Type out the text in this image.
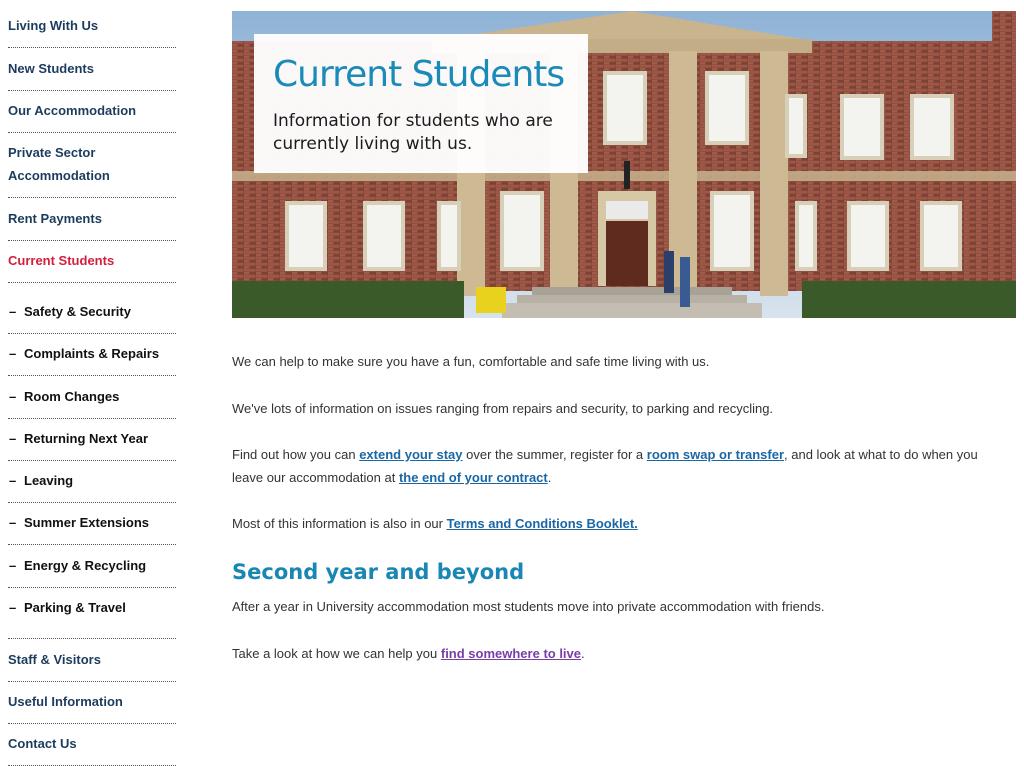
Living With Us
New Students
Our Accommodation
Private Sector Accommodation
Rent Payments
Current Students
– Safety & Security
– Complaints & Repairs
– Room Changes
– Returning Next Year
– Leaving
– Summer Extensions
– Energy & Recycling
– Parking & Travel
Staff & Visitors
Useful Information
Contact Us
Current Students

Information for students who are currently living with us.

We can help to make sure you have a fun, comfortable and safe time living with us.

We've lots of information on issues ranging from repairs and security, to parking and recycling.

Find out how you can extend your stay over the summer, register for a room swap or transfer, and look at what to do when you leave our accommodation at the end of your contract.

Most of this information is also in our Terms and Conditions Booklet.

Second year and beyond

After a year in University accommodation most students move into private accommodation with friends.

Take a look at how we can help you find somewhere to live.
